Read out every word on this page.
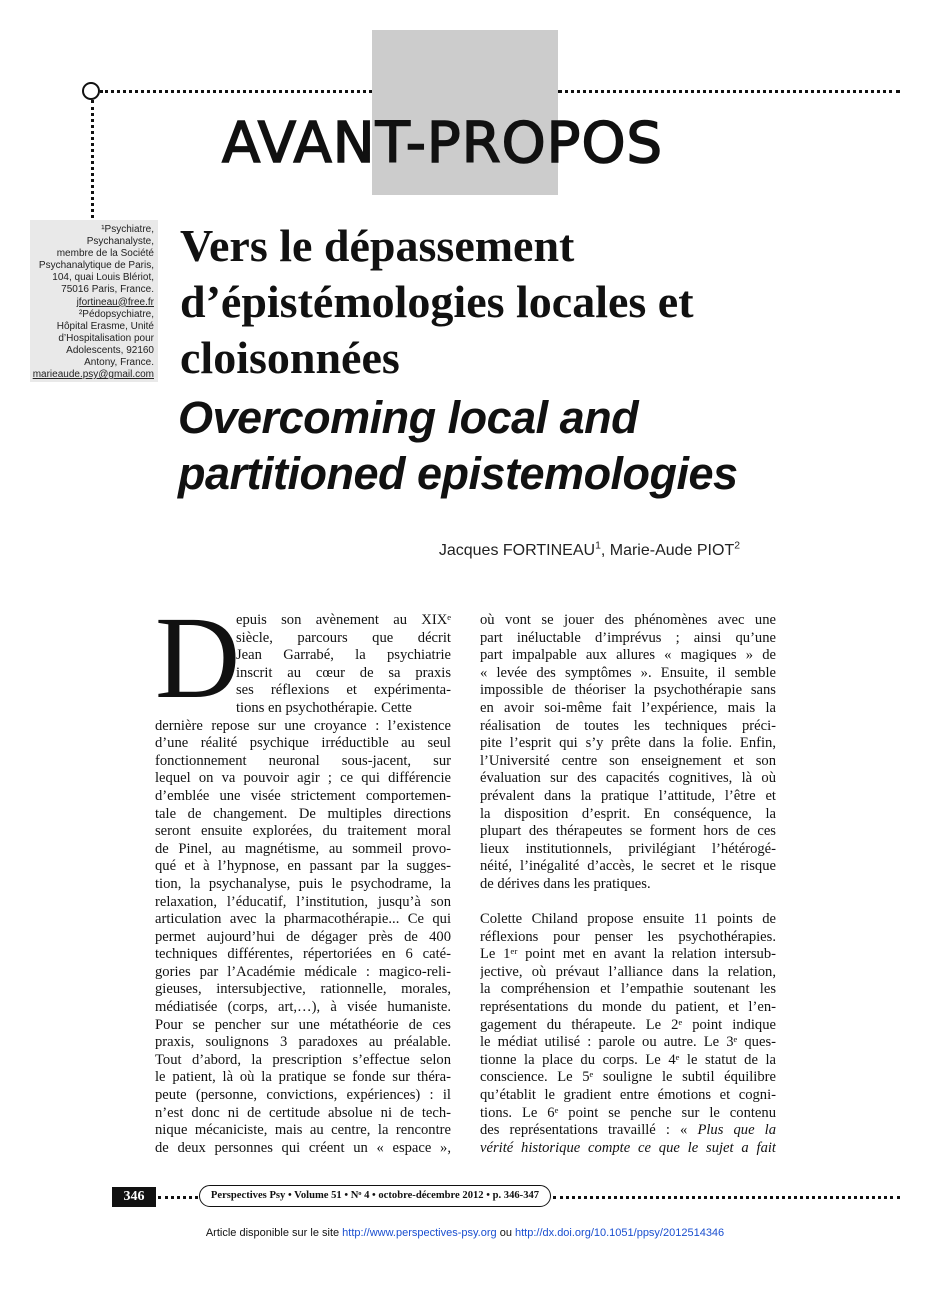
AVANT-PROPOS
¹Psychiatre,
Psychanalyste,
membre de la Société
Psychanalytique de Paris,
104, quai Louis Blériot,
75016 Paris, France.
jfortineau@free.fr
²Pédopsychiatre,
Hôpital Erasme, Unité
d’Hospitalisation pour
Adolescents, 92160
Antony, France.
marieaude.psy@gmail.com
Vers le dépassement
d’épistémologies locales et
cloisonnées
Overcoming local and
partitioned epistemologies
Jacques FORTINEAU$^1$, Marie-Aude PIOT$^2$
D
epuis son avènement au XIXᵉ
siècle, parcours que décrit
Jean Garrabé, la psychiatrie
inscrit au cœur de sa praxis
ses réflexions et expérimenta-
tions en psychothérapie. Cette
dernière repose sur une croyance : l’existence
d’une réalité psychique irréductible au seul
fonctionnement neuronal sous-jacent, sur
lequel on va pouvoir agir ; ce qui différencie
d’emblée une visée strictement comportemen-
tale de changement. De multiples directions
seront ensuite explorées, du traitement moral
de Pinel, au magnétisme, au sommeil provo-
qué et à l’hypnose, en passant par la sugges-
tion, la psychanalyse, puis le psychodrame, la
relaxation, l’éducatif, l’institution, jusqu’à son
articulation avec la pharmacothérapie... Ce qui
permet aujourd’hui de dégager près de 400
techniques différentes, répertoriées en 6 caté-
gories par l’Académie médicale : magico-reli-
gieuses, intersubjective, rationnelle, morales,
médiatisée (corps, art,…), à visée humaniste.
Pour se pencher sur une métathéorie de ces
praxis, soulignons 3 paradoxes au préalable.
Tout d’abord, la prescription s’effectue selon
le patient, là où la pratique se fonde sur théra-
peute (personne, convictions, expériences) : il
n’est donc ni de certitude absolue ni de tech-
nique mécaniciste, mais au centre, la rencontre
de deux personnes qui créent un « espace »,
où vont se jouer des phénomènes avec une
part inéluctable d’imprévus ; ainsi qu’une
part impalpable aux allures « magiques » de
« levée des symptômes ». Ensuite, il semble
impossible de théoriser la psychothérapie sans
en avoir soi-même fait l’expérience, mais la
réalisation de toutes les techniques préci-
pite l’esprit qui s’y prête dans la folie. Enfin,
l’Université centre son enseignement et son
évaluation sur des capacités cognitives, là où
prévalent dans la pratique l’attitude, l’être et
la disposition d’esprit. En conséquence, la
plupart des thérapeutes se forment hors de ces
lieux institutionnels, privilégiant l’hétérogé-
néité, l’inégalité d’accès, le secret et le risque
de dérives dans les pratiques.
Colette Chiland propose ensuite 11 points de
réflexions pour penser les psychothérapies.
Le 1ᵉʳ point met en avant la relation intersub-
jective, où prévaut l’alliance dans la relation,
la compréhension et l’empathie soutenant les
représentations du monde du patient, et l’en-
gagement du thérapeute. Le 2ᵉ point indique
le médiat utilisé : parole ou autre. Le 3ᵉ ques-
tionne la place du corps. Le 4ᵉ le statut de la
conscience. Le 5ᵉ souligne le subtil équilibre
qu’établit le gradient entre émotions et cogni-
tions. Le 6ᵉ point se penche sur le contenu
des représentations travaillé : « Plus que la
vérité historique compte ce que le sujet a fait
346	Perspectives Psy • Volume 51 • Nᵒ 4 • octobre-décembre 2012 • p. 346-347
Article disponible sur le site http://www.perspectives-psy.org ou http://dx.doi.org/10.1051/ppsy/2012514346
